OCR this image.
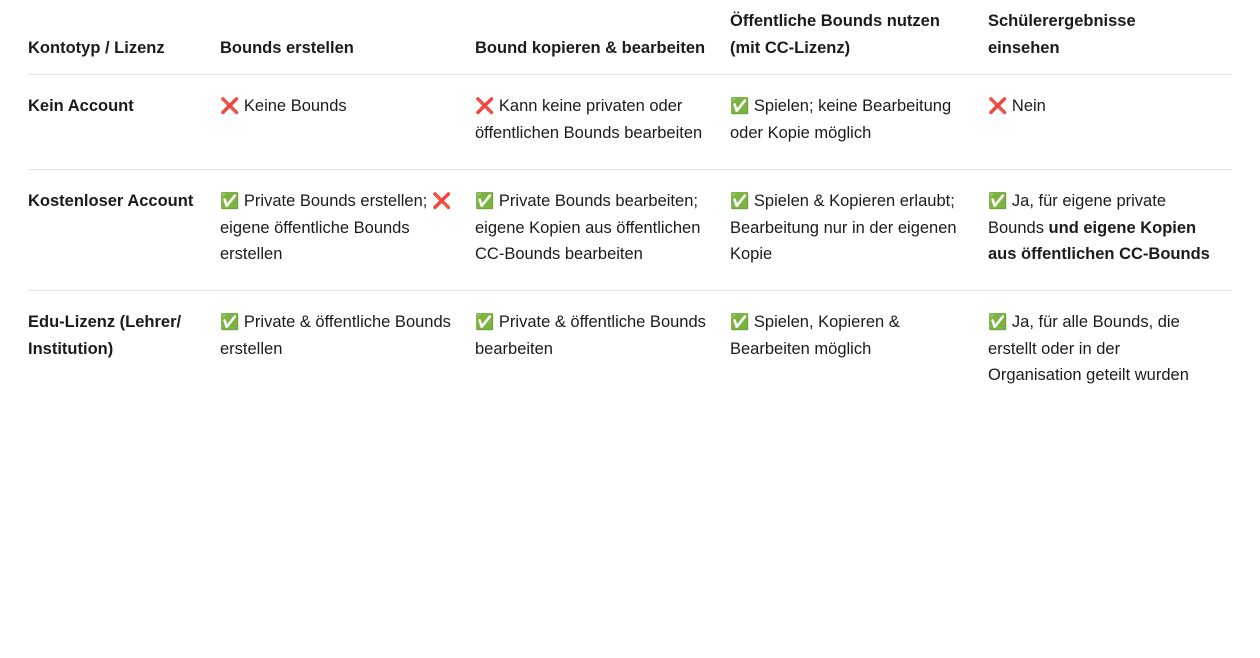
Kontotyp / Lizenz	Bounds erstellen	Bound kopieren & bearbeiten	Öffentliche Bounds nutzen (mit CC-Lizenz)	Schülerergebnisse einsehen
Kein Account	❌ Keine Bounds	❌ Kann keine privaten oder öffentlichen Bounds bearbeiten	✅ Spielen; keine Bearbeitung oder Kopie möglich	❌ Nein
Kostenloser Account	✅ Private Bounds erstellen; ❌ eigene öffentliche Bounds erstellen	✅ Private Bounds bearbeiten; eigene Kopien aus öffentlichen CC-Bounds bearbeiten	✅ Spielen & Kopieren erlaubt; Bearbeitung nur in der eigenen Kopie	✅ Ja, für eigene private Bounds und eigene Kopien aus öffentlichen CC-Bounds
Edu-Lizenz (Lehrer/ Institution)	✅ Private & öffentliche Bounds erstellen	✅ Private & öffentliche Bounds bearbeiten	✅ Spielen, Kopieren & Bearbeiten möglich	✅ Ja, für alle Bounds, die erstellt oder in der Organisation geteilt wurden
